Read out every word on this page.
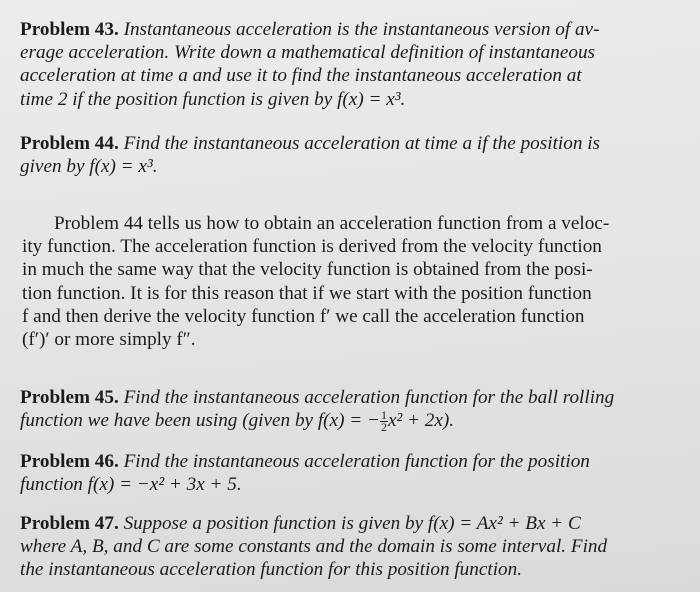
Problem 43. Instantaneous acceleration is the instantaneous version of av-
erage acceleration. Write down a mathematical definition of instantaneous
acceleration at time a and use it to find the instantaneous acceleration at
time 2 if the position function is given by f(x) = x³.
Problem 44. Find the instantaneous acceleration at time a if the position is
given by f(x) = x³.
Problem 44 tells us how to obtain an acceleration function from a veloc-
ity function. The acceleration function is derived from the velocity function
in much the same way that the velocity function is obtained from the posi-
tion function. It is for this reason that if we start with the position function
f and then derive the velocity function f′ we call the acceleration function
(f′)′ or more simply f″.
Problem 45. Find the instantaneous acceleration function for the ball rolling
function we have been using (given by f(x) = − $\frac{1}{2} x^2 + 2x$).
Problem 46. Find the instantaneous acceleration function for the position
function f(x) = −x² + 3x + 5.
Problem 47. Suppose a position function is given by f(x) = Ax² + Bx + C
where A, B, and C are some constants and the domain is some interval. Find
the instantaneous acceleration function for this position function.
